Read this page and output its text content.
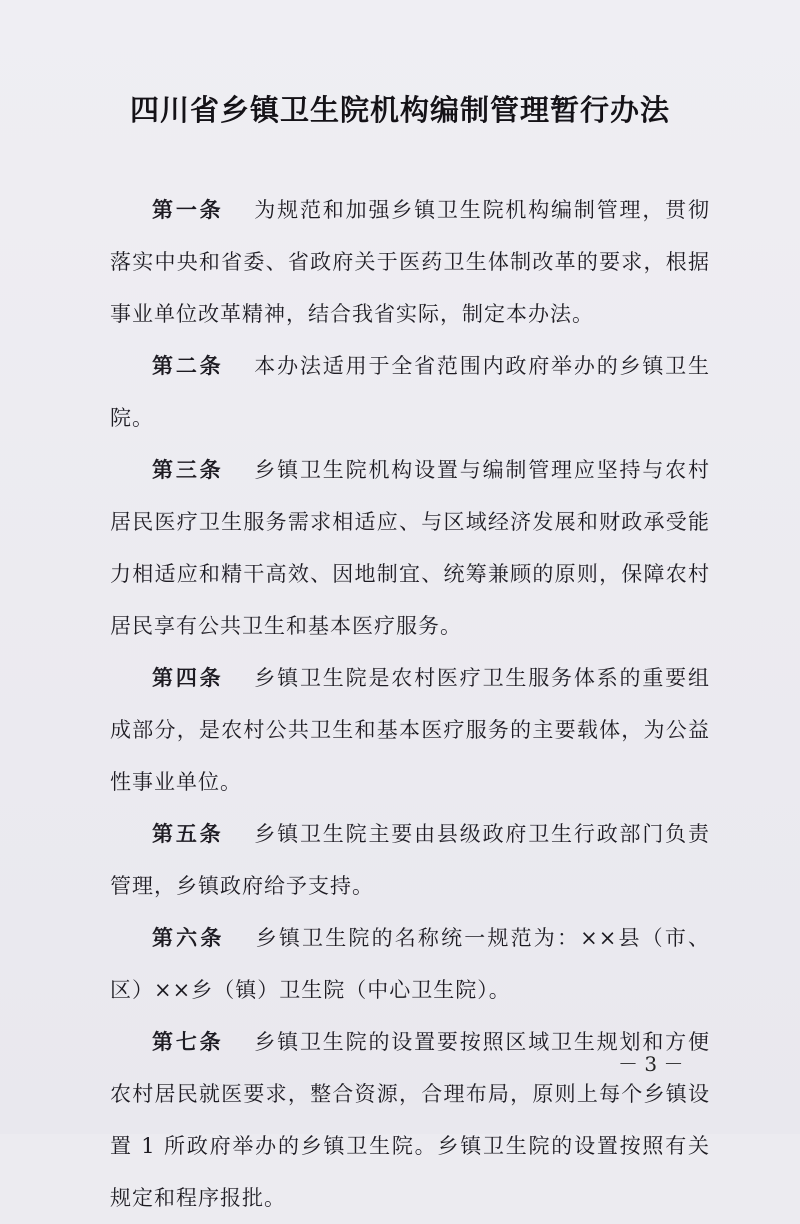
四川省乡镇卫生院机构编制管理暂行办法

第一条 为规范和加强乡镇卫生院机构编制管理，贯彻落实中央和省委、省政府关于医药卫生体制改革的要求，根据事业单位改革精神，结合我省实际，制定本办法。

第二条 本办法适用于全省范围内政府举办的乡镇卫生院。

第三条 乡镇卫生院机构设置与编制管理应坚持与农村居民医疗卫生服务需求相适应、与区域经济发展和财政承受能力相适应和精干高效、因地制宜、统筹兼顾的原则，保障农村居民享有公共卫生和基本医疗服务。

第四条 乡镇卫生院是农村医疗卫生服务体系的重要组成部分，是农村公共卫生和基本医疗服务的主要载体，为公益性事业单位。

第五条 乡镇卫生院主要由县级政府卫生行政部门负责管理，乡镇政府给予支持。

第六条 乡镇卫生院的名称统一规范为：××县（市、区）××乡（镇）卫生院（中心卫生院）。

第七条 乡镇卫生院的设置要按照区域卫生规划和方便农村居民就医要求，整合资源，合理布局，原则上每个乡镇设置 1 所政府举办的乡镇卫生院。乡镇卫生院的设置按照有关规定和程序报批。

－ 3 －
